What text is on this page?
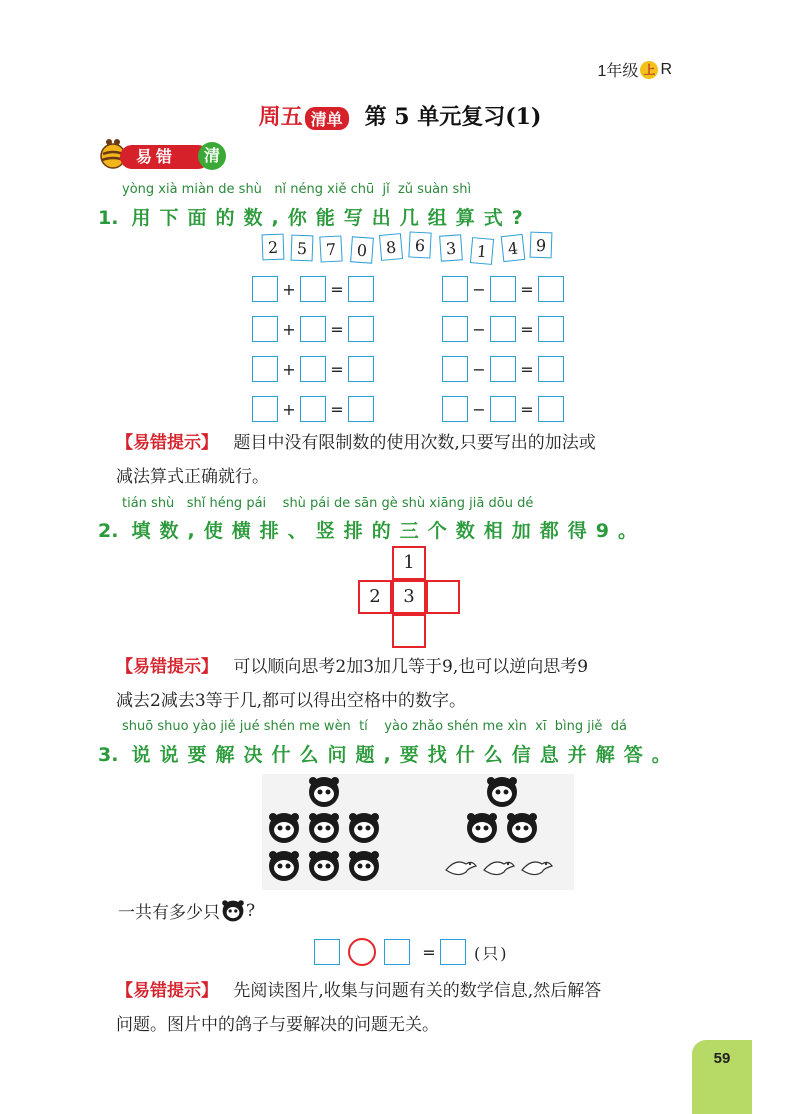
1年级 上 R
周五 清单 第 5 单元复习(1)
易错	清
yòng xià miàn de shù   nǐ néng xiě chū  jǐ  zǔ suàn shì
1. 用下面的数,你能写出几组算式?
2	5	7	0	8	6	3	1	4	9
+ =	− =
+ =	− =
+ =	− =
+ =	− =
【易错提示】 题目中没有限制数的使用次数,只要写出的加法或
减法算式正确就行。
tián shù   shǐ héng pái    shù pái de sān gè shù xiāng jiā dōu dé
2. 填数,使横排、竖排的三个数相加都得9。
1
2	3
【易错提示】 可以顺向思考2加3加几等于9,也可以逆向思考9
减去2减去3等于几,都可以得出空格中的数字。
shuō shuo yào jiě jué shén me wèn  tí    yào zhǎo shén me xìn  xī  bìng jiě  dá
3. 说说要解决什么问题,要找什么信息并解答。
一共有多少只 ?
= (只)
【易错提示】 先阅读图片,收集与问题有关的数学信息,然后解答
问题。图片中的鸽子与要解决的问题无关。
59
